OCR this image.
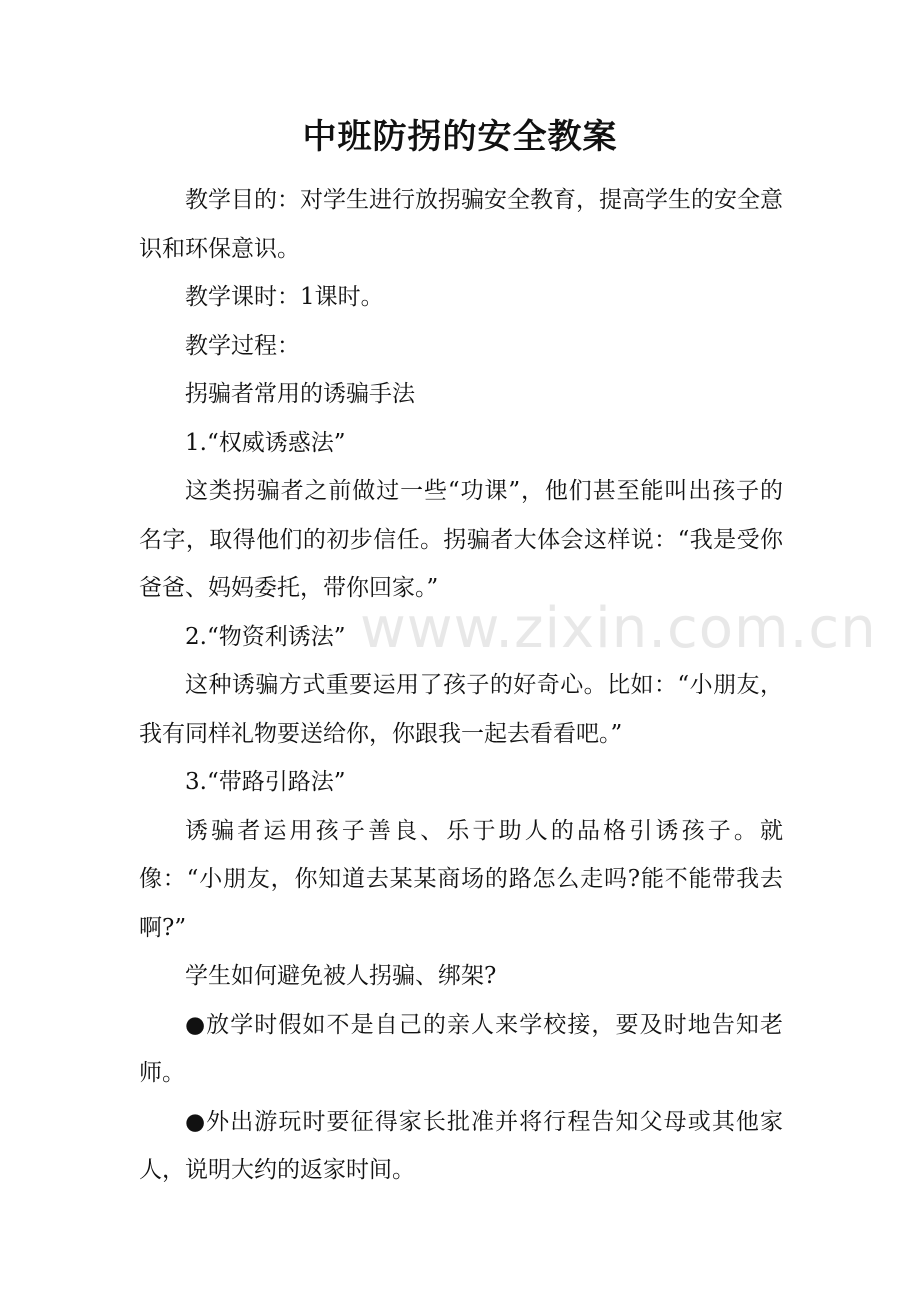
中班防拐的安全教案

教学目的：对学生进行放拐骗安全教育，提高学生的安全意识和环保意识。

教学课时：1课时。

教学过程：

拐骗者常用的诱骗手法

1.“权威诱惑法”

这类拐骗者之前做过一些“功课”，他们甚至能叫出孩子的名字，取得他们的初步信任。拐骗者大体会这样说：“我是受你爸爸、妈妈委托，带你回家。”

2.“物资利诱法”

这种诱骗方式重要运用了孩子的好奇心。比如：“小朋友，我有同样礼物要送给你，你跟我一起去看看吧。”

3.“带路引路法”

诱骗者运用孩子善良、乐于助人的品格引诱孩子。就像：“小朋友，你知道去某某商场的路怎么走吗?能不能带我去啊?”

学生如何避免被人拐骗、绑架?

●放学时假如不是自己的亲人来学校接，要及时地告知老师。

●外出游玩时要征得家长批准并将行程告知父母或其他家人，说明大约的返家时间。

www.zixin.com.cn
